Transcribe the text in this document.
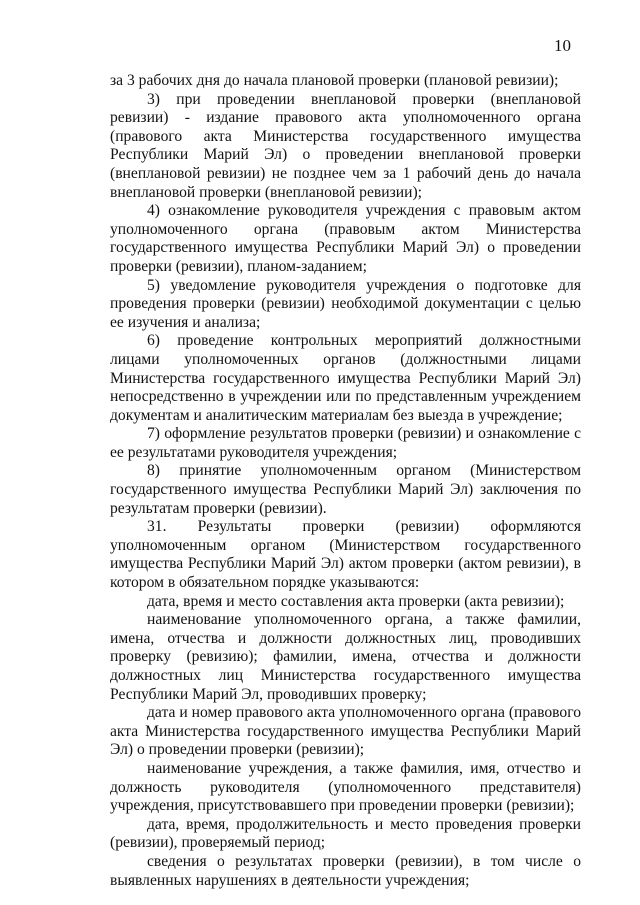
10

за 3 рабочих дня до начала плановой проверки (плановой ревизии);

3) при проведении внеплановой проверки (внеплановой ревизии) - издание правового акта уполномоченного органа (правового акта Министерства государственного имущества Республики Марий Эл) о проведении внеплановой проверки (внеплановой ревизии) не позднее чем за 1 рабочий день до начала внеплановой проверки (внеплановой ревизии);

4) ознакомление руководителя учреждения с правовым актом уполномоченного органа (правовым актом Министерства государственного имущества Республики Марий Эл) о проведении проверки (ревизии), планом-заданием;

5) уведомление руководителя учреждения о подготовке для проведения проверки (ревизии) необходимой документации с целью ее изучения и анализа;

6) проведение контрольных мероприятий должностными лицами уполномоченных органов (должностными лицами Министерства государственного имущества Республики Марий Эл) непосредственно в учреждении или по представленным учреждением документам и аналитическим материалам без выезда в учреждение;

7) оформление результатов проверки (ревизии) и ознакомление с ее результатами руководителя учреждения;

8) принятие уполномоченным органом (Министерством государственного имущества Республики Марий Эл) заключения по результатам проверки (ревизии).

31. Результаты проверки (ревизии) оформляются уполномоченным органом (Министерством государственного имущества Республики Марий Эл) актом проверки (актом ревизии), в котором в обязательном порядке указываются:

дата, время и место составления акта проверки (акта ревизии);

наименование уполномоченного органа, а также фамилии, имена, отчества и должности должностных лиц, проводивших проверку (ревизию); фамилии, имена, отчества и должности должностных лиц Министерства государственного имущества Республики Марий Эл, проводивших проверку;

дата и номер правового акта уполномоченного органа (правового акта Министерства государственного имущества Республики Марий Эл) о проведении проверки (ревизии);

наименование учреждения, а также фамилия, имя, отчество и должность руководителя (уполномоченного представителя) учреждения, присутствовавшего при проведении проверки (ревизии);

дата, время, продолжительность и место проведения проверки (ревизии), проверяемый период;

сведения о результатах проверки (ревизии), в том числе о выявленных нарушениях в деятельности учреждения;
